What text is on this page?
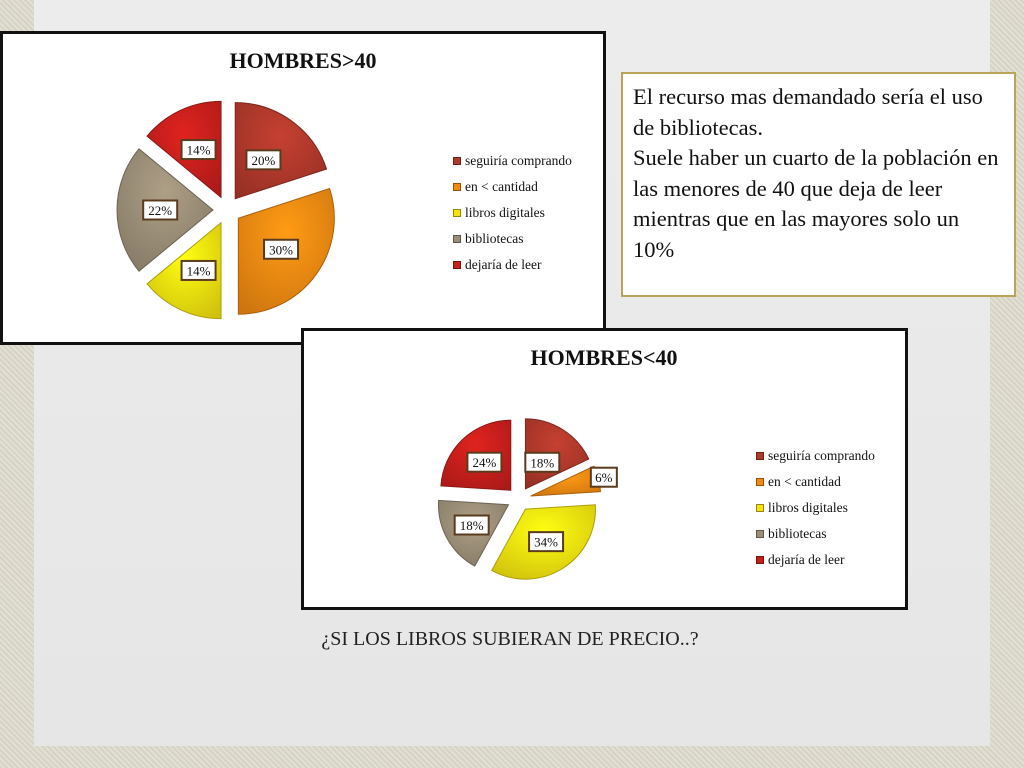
HOMBRES>40
20%
30%
14%
22%
14%
seguiría comprando
en < cantidad
libros digitales
bibliotecas
dejaría de leer

El recurso mas demandado sería el uso de bibliotecas.

Suele haber un cuarto de la población en las menores de 40 que deja de leer mientras que en las mayores solo un 10%

HOMBRES<40
18%
6%
34%
18%
24%	seguiría comprando
en < cantidad
libros digitales
bibliotecas
dejaría de leer
¿SI LOS LIBROS SUBIERAN DE PRECIO..?
